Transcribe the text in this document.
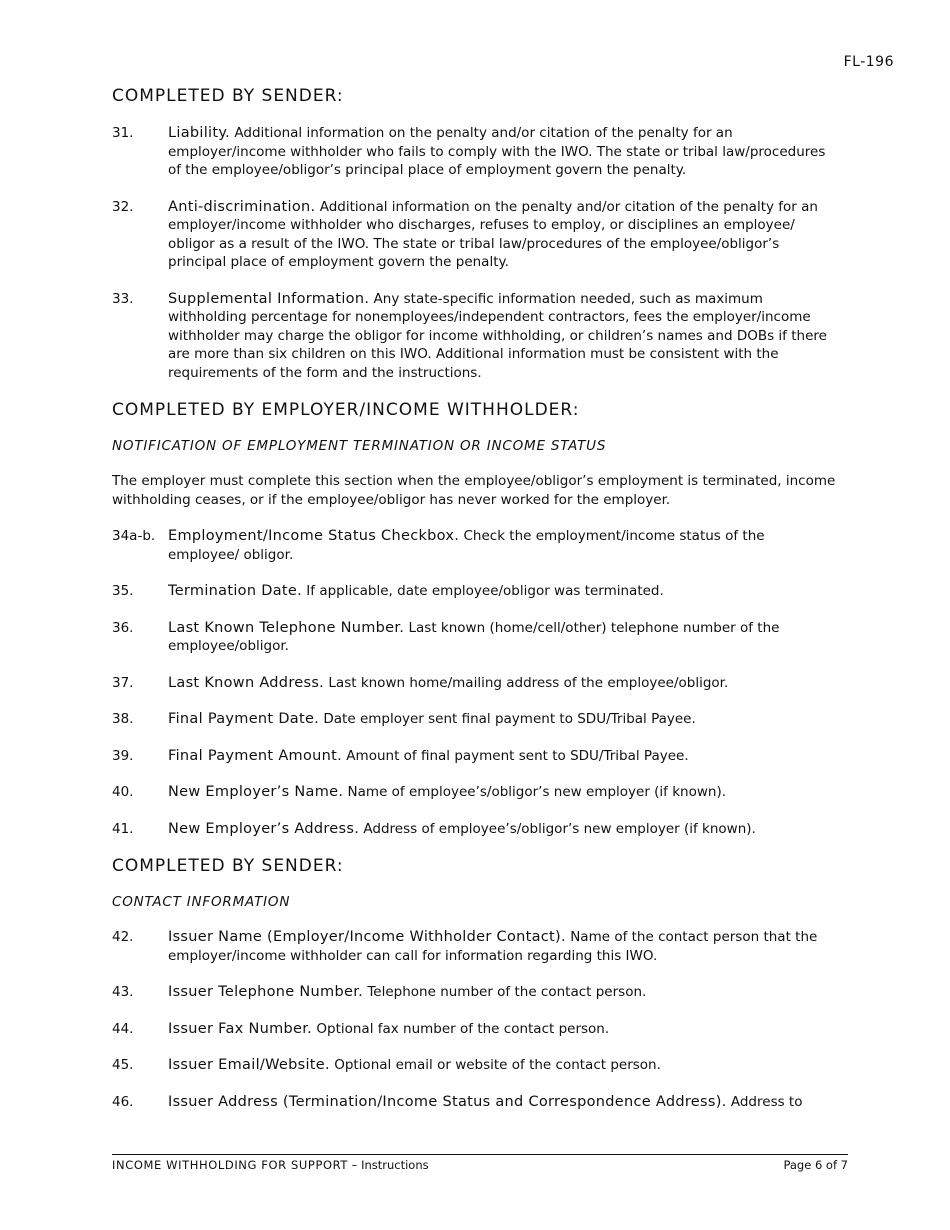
FL-196
COMPLETED BY SENDER:
31.	Liability. Additional information on the penalty and/or citation of the penalty for an employer/income withholder who fails to comply with the IWO. The state or tribal law/procedures of the employee/obligor’s principal place of employment govern the penalty.
32.	Anti-discrimination. Additional information on the penalty and/or citation of the penalty for an employer/income withholder who discharges, refuses to employ, or disciplines an employee/ obligor as a result of the IWO. The state or tribal law/procedures of the employee/obligor’s principal place of employment govern the penalty.
33.	Supplemental Information. Any state-specific information needed, such as maximum withholding percentage for nonemployees/independent contractors, fees the employer/income withholder may charge the obligor for income withholding, or children’s names and DOBs if there are more than six children on this IWO. Additional information must be consistent with the requirements of the form and the instructions.
COMPLETED BY EMPLOYER/INCOME WITHHOLDER:
NOTIFICATION OF EMPLOYMENT TERMINATION OR INCOME STATUS
The employer must complete this section when the employee/obligor’s employment is terminated, income withholding ceases, or if the employee/obligor has never worked for the employer.
34a-b. Employment/Income Status Checkbox. Check the employment/income status of the employee/ obligor.
35.	Termination Date. If applicable, date employee/obligor was terminated.
36.	Last Known Telephone Number. Last known (home/cell/other) telephone number of the employee/obligor.
37.	Last Known Address. Last known home/mailing address of the employee/obligor.
38.	Final Payment Date. Date employer sent final payment to SDU/Tribal Payee.
39.	Final Payment Amount. Amount of final payment sent to SDU/Tribal Payee.
40.	New Employer’s Name. Name of employee’s/obligor’s new employer (if known).
41.	New Employer’s Address. Address of employee’s/obligor’s new employer (if known).
COMPLETED BY SENDER:
CONTACT INFORMATION
42.	Issuer Name (Employer/Income Withholder Contact). Name of the contact person that the employer/income withholder can call for information regarding this IWO.
43.	Issuer Telephone Number. Telephone number of the contact person.
44.	Issuer Fax Number. Optional fax number of the contact person.
45.	Issuer Email/Website. Optional email or website of the contact person.
46.	Issuer Address (Termination/Income Status and Correspondence Address). Address to
INCOME WITHHOLDING FOR SUPPORT – Instructions	Page 6 of 7
